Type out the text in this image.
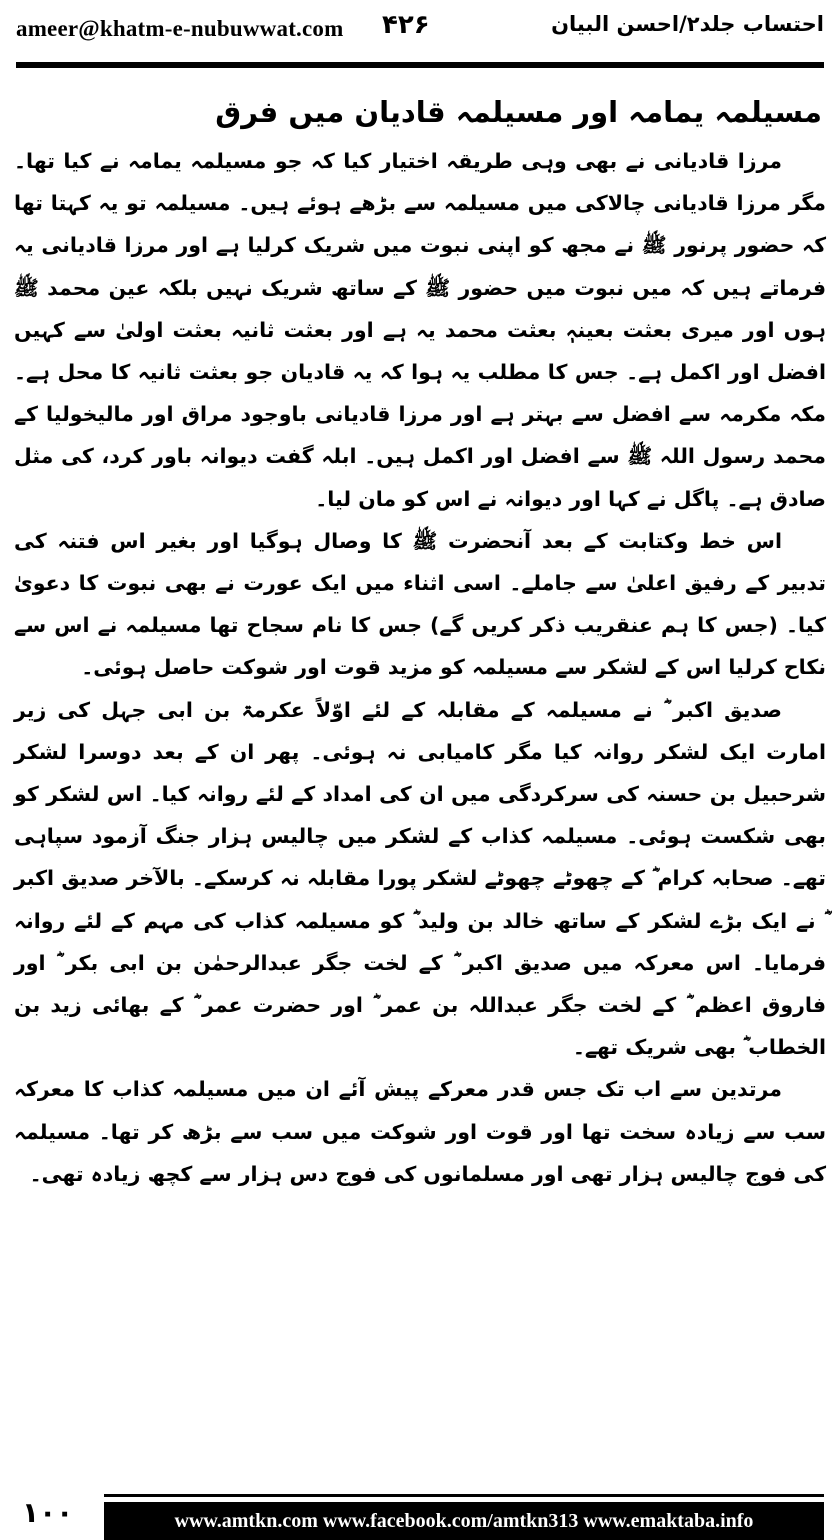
ameer@khatm-e-nubuwwat.com ۴۲۶	احتساب جلد۲/احسن البیان
مسیلمہ یمامہ اور مسیلمہ قادیان میں فرق

مرزا قادیانی نے بھی وہی طریقہ اختیار کیا کہ جو مسیلمہ یمامہ نے کیا تھا۔ مگر مرزا قادیانی چالاکی میں مسیلمہ سے بڑھے ہوئے ہیں۔ مسیلمہ تو یہ کہتا تھا کہ حضور پرنور ﷺ نے مجھ کو اپنی نبوت میں شریک کرلیا ہے اور مرزا قادیانی یہ فرماتے ہیں کہ میں نبوت میں حضور ﷺ کے ساتھ شریک نہیں بلکہ عین محمد ﷺ ہوں اور میری بعثت بعینہٖ بعثت محمد یہ ہے اور بعثت ثانیہ بعثت اولیٰ سے کہیں افضل اور اکمل ہے۔ جس کا مطلب یہ ہوا کہ یہ قادیان جو بعثت ثانیہ کا محل ہے۔ مکہ مکرمہ سے افضل سے بہتر ہے اور مرزا قادیانی باوجود مراق اور مالیخولیا کے محمد رسول اللہ ﷺ سے افضل اور اکمل ہیں۔ ابلہ گفت دیوانہ باور کرد، کی مثل صادق ہے۔ پاگل نے کہا اور دیوانہ نے اس کو مان لیا۔

اس خط وکتابت کے بعد آنحضرت ﷺ کا وصال ہوگیا اور بغیر اس فتنہ کی تدبیر کے رفیق اعلیٰ سے جاملے۔ اسی اثناء میں ایک عورت نے بھی نبوت کا دعویٰ کیا۔ (جس کا ہم عنقریب ذکر کریں گے) جس کا نام سجاح تھا مسیلمہ نے اس سے نکاح کرلیا اس کے لشکر سے مسیلمہ کو مزید قوت اور شوکت حاصل ہوئی۔

صدیق اکبر ؓ نے مسیلمہ کے مقابلہ کے لئے اوّلاً عکرمۃ بن ابی جہل کی زیر امارت ایک لشکر روانہ کیا مگر کامیابی نہ ہوئی۔ پھر ان کے بعد دوسرا لشکر شرحبیل بن حسنہ کی سرکردگی میں ان کی امداد کے لئے روانہ کیا۔ اس لشکر کو بھی شکست ہوئی۔ مسیلمہ کذاب کے لشکر میں چالیس ہزار جنگ آزمود سپاہی تھے۔ صحابہ کرام ؓ کے چھوٹے چھوٹے لشکر پورا مقابلہ نہ کرسکے۔ بالآخر صدیق اکبر ؓ نے ایک بڑے لشکر کے ساتھ خالد بن ولید ؓ کو مسیلمہ کذاب کی مہم کے لئے روانہ فرمایا۔ اس معرکہ میں صدیق اکبر ؓ کے لخت جگر عبدالرحمٰن بن ابی بکر ؓ اور فاروق اعظم ؓ کے لخت جگر عبداللہ بن عمر ؓ اور حضرت عمر ؓ کے بھائی زید بن الخطاب ؓ بھی شریک تھے۔

مرتدین سے اب تک جس قدر معرکے پیش آئے ان میں مسیلمہ کذاب کا معرکہ سب سے زیادہ سخت تھا اور قوت اور شوکت میں سب سے بڑھ کر تھا۔ مسیلمہ کی فوج چالیس ہزار تھی اور مسلمانوں کی فوج دس ہزار سے کچھ زیادہ تھی۔

۱۰۰	www.amtkn.com www.facebook.com/amtkn313 www.emaktaba.info
